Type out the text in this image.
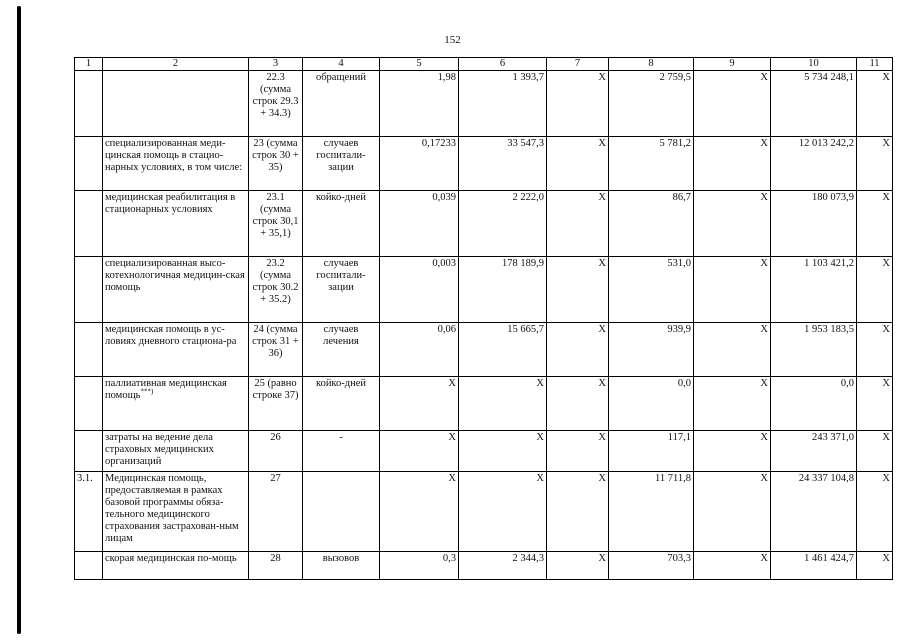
152
1	2	3	4	5	6	7	8	9	10	11
		22.3 (сумма строк 29.3 + 34.3)	обращений	1,98	1 393,7	X	2 759,5	X	5 734 248,1	X
	специализированная меди-цинская помощь в стацио-нарных условиях, в том числе:	23 (сумма строк 30 + 35)	случаев госпитали-зации	0,17233	33 547,3	X	5 781,2	X	12 013 242,2	X
	медицинская реабилитация в стационарных условиях	23.1 (сумма строк 30,1 + 35,1)	койко-дней	0,039	2 222,0	X	86,7	X	180 073,9	X
	специализированная высо-котехнологичная медицин-ская помощь	23.2 (сумма строк 30.2 + 35.2)	случаев госпитали-зации	0,003	178 189,9	X	531,0	X	1 103 421,2	X
	медицинская помощь в ус-ловиях дневного стациона-ра	24 (сумма строк 31 + 36)	случаев лечения	0,06	15 665,7	X	939,9	X	1 953 183,5	X
	паллиативная медицинская помощь***)	25 (равно строке 37)	койко-дней	X	X	X	0,0	X	0,0	X
	затраты на ведение дела страховых медицинских организаций	26	-	X	X	X	117,1	X	243 371,0	X
3.1.	Медицинская помощь, предоставляемая в рамках базовой программы обяза-тельного медицинского страхования застрахован-ным лицам	27		X	X	X	11 711,8	X	24 337 104,8	X
	скорая медицинская по-мощь	28	вызовов	0,3	2 344,3	X	703,3	X	1 461 424,7	X
